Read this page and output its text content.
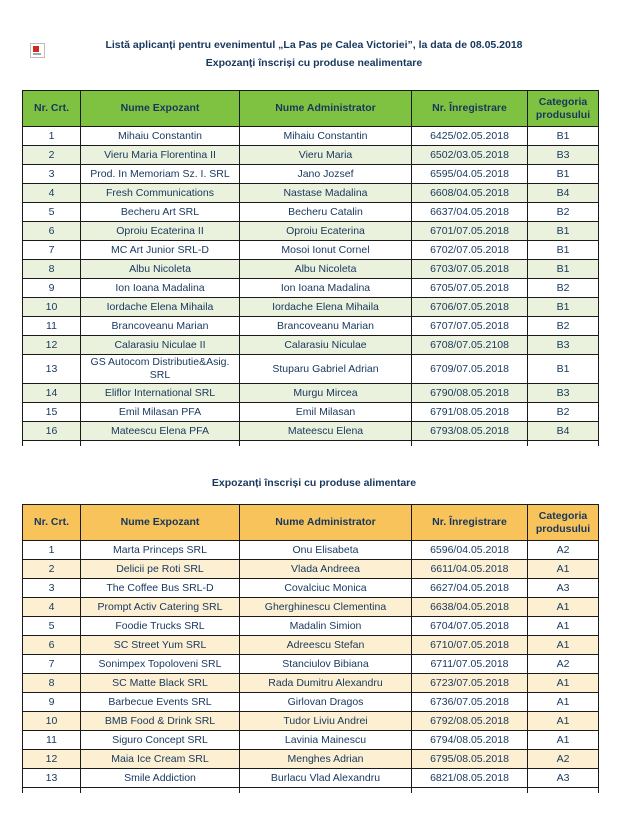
Listă aplicanți pentru evenimentul „La Pas pe Calea Victoriei”, la data de 08.05.2018
Expozanți înscriși cu produse nealimentare
Nr. Crt.	Nume Expozant	Nume Administrator	Nr. Înregistrare	Categoria produsului
1	Mihaiu Constantin	Mihaiu Constantin	6425/02.05.2018	B1
2	Vieru Maria Florentina II	Vieru Maria	6502/03.05.2018	B3
3	Prod. In Memoriam Sz. I. SRL	Jano Jozsef	6595/04.05.2018	B1
4	Fresh Communications	Nastase Madalina	6608/04.05.2018	B4
5	Becheru Art SRL	Becheru Catalin	6637/04.05.2018	B2
6	Oproiu Ecaterina II	Oproiu Ecaterina	6701/07.05.2018	B1
7	MC Art Junior SRL-D	Mosoi Ionut Cornel	6702/07.05.2018	B1
8	Albu Nicoleta	Albu Nicoleta	6703/07.05.2018	B1
9	Ion Ioana Madalina	Ion Ioana Madalina	6705/07.05.2018	B2
10	Iordache Elena Mihaila	Iordache Elena Mihaila	6706/07.05.2018	B1
11	Brancoveanu Marian	Brancoveanu Marian	6707/07.05.2018	B2
12	Calarasiu Niculae II	Calarasiu Niculae	6708/07.05.2108	B3
13	GS Autocom Distributie&Asig. SRL	Stuparu Gabriel Adrian	6709/07.05.2018	B1
14	Eliflor International SRL	Murgu Mircea	6790/08.05.2018	B3
15	Emil Milasan PFA	Emil Milasan	6791/08.05.2018	B2
16	Mateescu Elena PFA	Mateescu Elena	6793/08.05.2018	B4

Expozanți înscriși cu produse alimentare
Nr. Crt.	Nume Expozant	Nume Administrator	Nr. Înregistrare	Categoria produsului
1	Marta Princeps SRL	Onu Elisabeta	6596/04.05.2018	A2
2	Delicii pe Roti SRL	Vlada Andreea	6611/04.05.2018	A1
3	The Coffee Bus SRL-D	Covalciuc Monica	6627/04.05.2018	A3
4	Prompt Activ Catering SRL	Gherghinescu Clementina	6638/04.05.2018	A1
5	Foodie Trucks SRL	Madalin Simion	6704/07.05.2018	A1
6	SC Street Yum SRL	Adreescu Stefan	6710/07.05.2018	A1
7	Sonimpex Topoloveni SRL	Stanciulov Bibiana	6711/07.05.2018	A2
8	SC Matte Black SRL	Rada Dumitru Alexandru	6723/07.05.2018	A1
9	Barbecue Events SRL	Girlovan Dragos	6736/07.05.2018	A1
10	BMB Food & Drink SRL	Tudor Liviu Andrei	6792/08.05.2018	A1
11	Siguro Concept SRL	Lavinia Mainescu	6794/08.05.2018	A1
12	Maia Ice Cream SRL	Menghes Adrian	6795/08.05.2018	A2
13	Smile Addiction	Burlacu Vlad Alexandru	6821/08.05.2018	A3
